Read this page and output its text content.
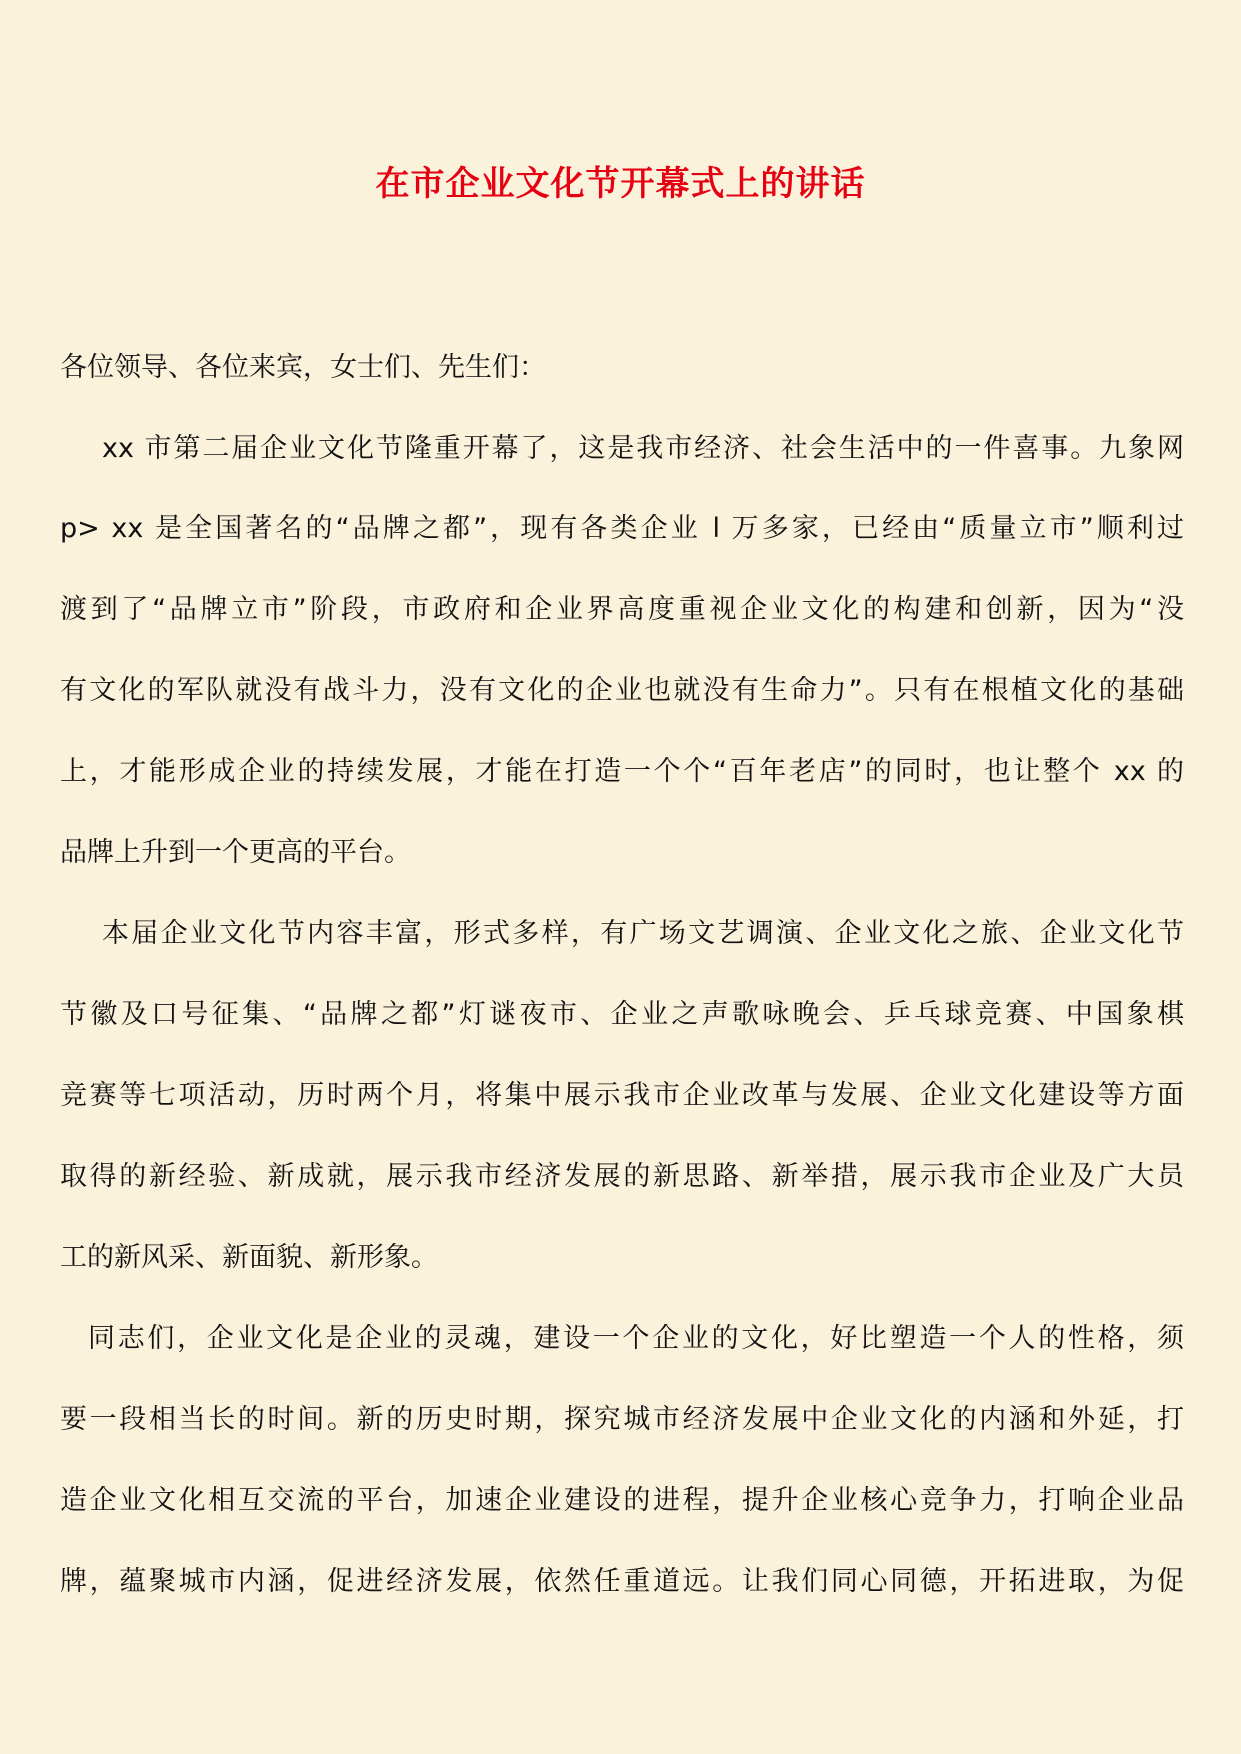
在市企业文化节开幕式上的讲话
各位领导、各位来宾，女士们、先生们：
xx 市第二届企业文化节隆重开幕了，这是我市经济、社会生活中的一件喜事。九象网
p> xx 是全国著名的“品牌之都”，现有各类企业 l 万多家，已经由“质量立市”顺利过
渡到了“品牌立市”阶段，市政府和企业界高度重视企业文化的构建和创新，因为“没
有文化的军队就没有战斗力，没有文化的企业也就没有生命力”。只有在根植文化的基础
上，才能形成企业的持续发展，才能在打造一个个“百年老店”的同时，也让整个 xx 的
品牌上升到一个更高的平台。
本届企业文化节内容丰富，形式多样，有广场文艺调演、企业文化之旅、企业文化节
节徽及口号征集、“品牌之都”灯谜夜市、企业之声歌咏晚会、乒乓球竞赛、中国象棋
竞赛等七项活动，历时两个月，将集中展示我市企业改革与发展、企业文化建设等方面
取得的新经验、新成就，展示我市经济发展的新思路、新举措，展示我市企业及广大员
工的新风采、新面貌、新形象。
同志们，企业文化是企业的灵魂，建设一个企业的文化，好比塑造一个人的性格，须
要一段相当长的时间。新的历史时期，探究城市经济发展中企业文化的内涵和外延，打
造企业文化相互交流的平台，加速企业建设的进程，提升企业核心竞争力，打响企业品
牌，蕴聚城市内涵，促进经济发展，依然任重道远。让我们同心同德，开拓进取，为促
